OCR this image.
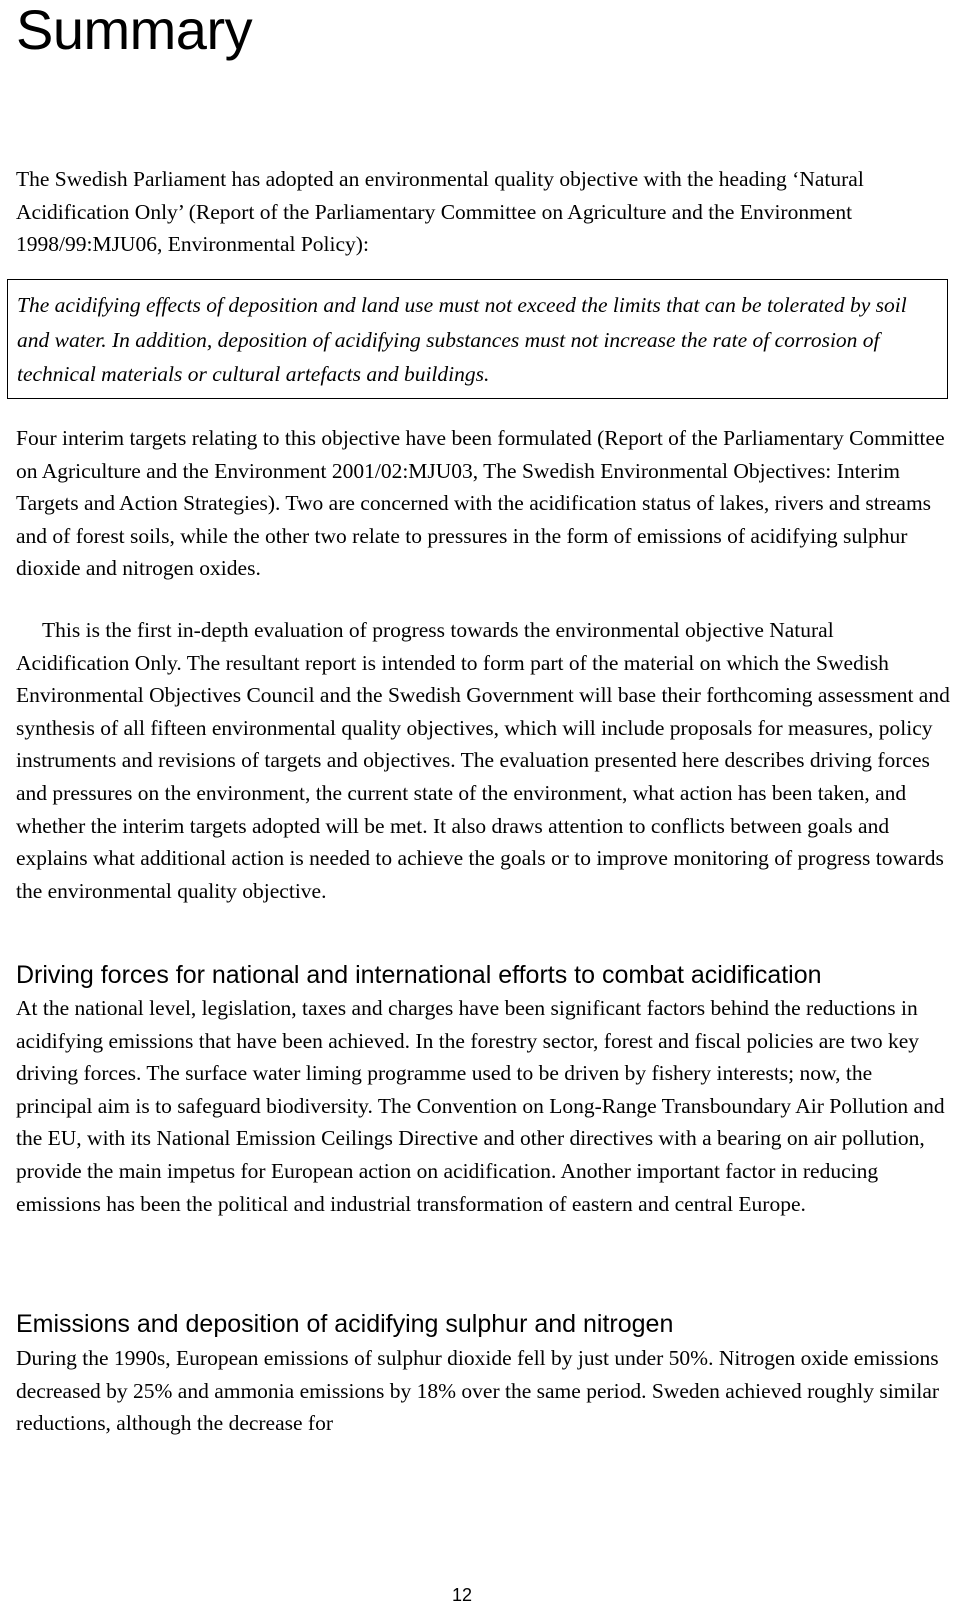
Summary

The Swedish Parliament has adopted an environmental quality objective with the heading ‘Natural Acidification Only’ (Report of the Parliamentary Committee on Agriculture and the Environment 1998/99:MJU06, Environmental Policy):

The acidifying effects of deposition and land use must not exceed the limits that can be tolerated by soil and water. In addition, deposition of acidifying substances must not increase the rate of corrosion of technical materials or cultural artefacts and buildings.

Four interim targets relating to this objective have been formulated (Report of the Parliamentary Committee on Agriculture and the Environment 2001/02:MJU03, The Swedish Environmental Objectives: Interim Targets and Action Strategies). Two are concerned with the acidification status of lakes, rivers and streams and of forest soils, while the other two relate to pressures in the form of emissions of acidifying sulphur dioxide and nitrogen oxides.

This is the first in-depth evaluation of progress towards the environmental objective Natural Acidification Only. The resultant report is intended to form part of the material on which the Swedish Environmental Objectives Council and the Swedish Government will base their forthcoming assessment and synthesis of all fifteen environmental quality objectives, which will include proposals for measures, policy instruments and revisions of targets and objectives. The evaluation presented here describes driving forces and pressures on the environment, the current state of the environment, what action has been taken, and whether the interim targets adopted will be met. It also draws attention to conflicts between goals and explains what additional action is needed to achieve the goals or to improve monitoring of progress towards the environmental quality objective.

Driving forces for national and international efforts to combat acidification

At the national level, legislation, taxes and charges have been significant factors behind the reductions in acidifying emissions that have been achieved. In the forestry sector, forest and fiscal policies are two key driving forces. The surface water liming programme used to be driven by fishery interests; now, the principal aim is to safeguard biodiversity. The Convention on Long-Range Transboundary Air Pollution and the EU, with its National Emission Ceilings Directive and other directives with a bearing on air pollution, provide the main impetus for European action on acidification. Another important factor in reducing emissions has been the political and industrial transformation of eastern and central Europe.

Emissions and deposition of acidifying sulphur and nitrogen

During the 1990s, European emissions of sulphur dioxide fell by just under 50%. Nitrogen oxide emissions decreased by 25% and ammonia emissions by 18% over the same period. Sweden achieved roughly similar reductions, although the decrease for

12
